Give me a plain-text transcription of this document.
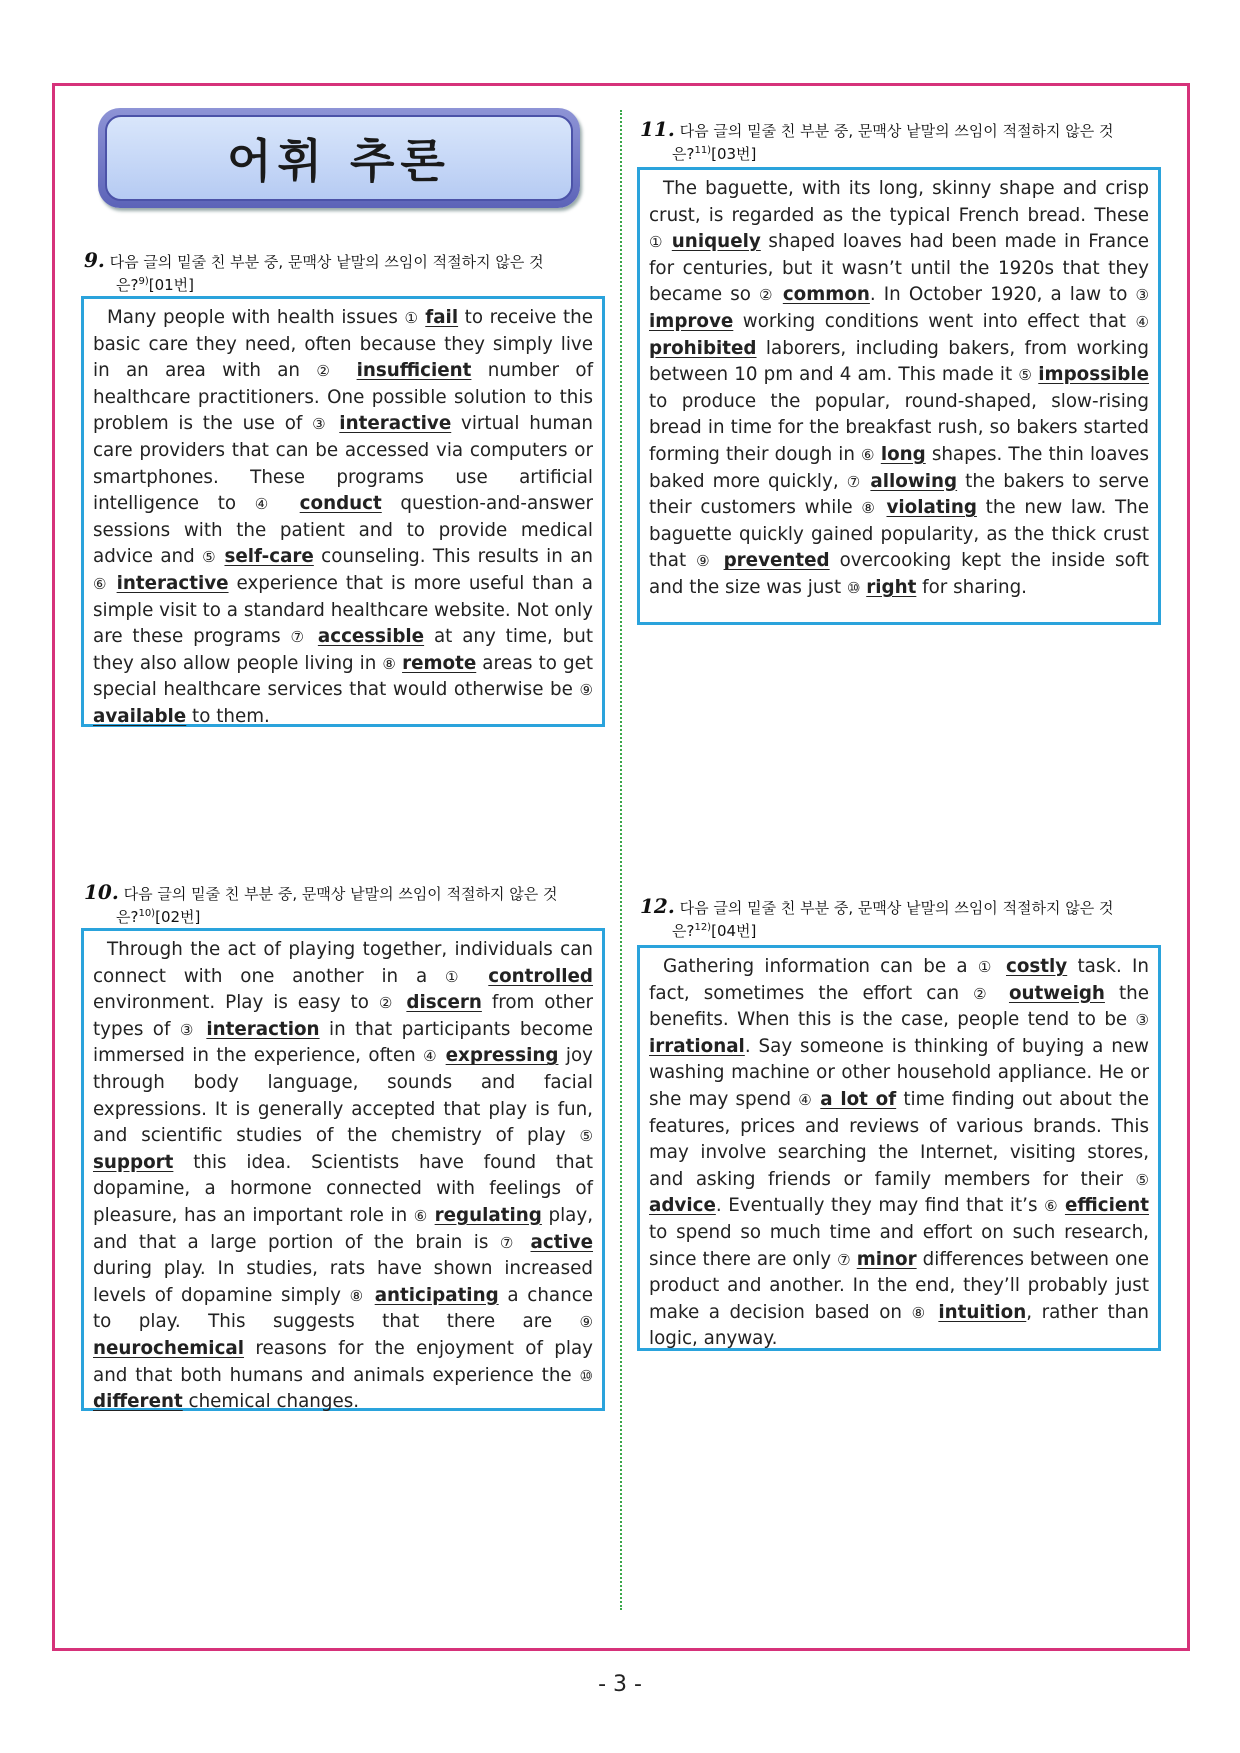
어휘 추론
9. 다음 글의 밑줄 친 부분 중, 문맥상 낱말의 쓰임이 적절하지 않은 것
은?$^{9)}$[01번]

Many people with health issues ① fail to receive the basic care they need, often because they simply live in an area with an ② insufficient number of healthcare practitioners. One possible solution to this problem is the use of ③ interactive virtual human care providers that can be accessed via computers or smartphones. These programs use artificial intelligence to ④ conduct question-and-answer sessions with the patient and to provide medical advice and ⑤ self-care counseling. This results in an ⑥ interactive experience that is more useful than a simple visit to a standard healthcare website. Not only are these programs ⑦ accessible at any time, but they also allow people living in ⑧ remote areas to get special healthcare services that would otherwise be ⑨ available to them.

10. 다음 글의 밑줄 친 부분 중, 문맥상 낱말의 쓰임이 적절하지 않은 것
은?$^{10)}$[02번]

Through the act of playing together, individuals can connect with one another in a ① controlled environment. Play is easy to ② discern from other types of ③ interaction in that participants become immersed in the experience, often ④ expressing joy through body language, sounds and facial expressions. It is generally accepted that play is fun, and scientific studies of the chemistry of play ⑤ support this idea. Scientists have found that dopamine, a hormone connected with feelings of pleasure, has an important role in ⑥ regulating play, and that a large portion of the brain is ⑦ active during play. In studies, rats have shown increased levels of dopamine simply ⑧ anticipating a chance to play. This suggests that there are ⑨ neurochemical reasons for the enjoyment of play and that both humans and animals experience the ⑩ different chemical changes.

11. 다음 글의 밑줄 친 부분 중, 문맥상 낱말의 쓰임이 적절하지 않은 것
은?$^{11)}$[03번]

The baguette, with its long, skinny shape and crisp crust, is regarded as the typical French bread. These ① uniquely shaped loaves had been made in France for centuries, but it wasn’t until the 1920s that they became so ② common. In October 1920, a law to ③ improve working conditions went into effect that ④ prohibited laborers, including bakers, from working between 10 pm and 4 am. This made it ⑤ impossible to produce the popular, round-shaped, slow-rising bread in time for the breakfast rush, so bakers started forming their dough in ⑥ long shapes. The thin loaves baked more quickly, ⑦ allowing the bakers to serve their customers while ⑧ violating the new law. The baguette quickly gained popularity, as the thick crust that ⑨ prevented overcooking kept the inside soft and the size was just ⑩ right for sharing.

12. 다음 글의 밑줄 친 부분 중, 문맥상 낱말의 쓰임이 적절하지 않은 것
은?$^{12)}$[04번]

Gathering information can be a ① costly task. In fact, sometimes the effort can ② outweigh the benefits. When this is the case, people tend to be ③ irrational. Say someone is thinking of buying a new washing machine or other household appliance. He or she may spend ④ a lot of time finding out about the features, prices and reviews of various brands. This may involve searching the Internet, visiting stores, and asking friends or family members for their ⑤ advice. Eventually they may find that it’s ⑥ efficient to spend so much time and effort on such research, since there are only ⑦ minor differences between one product and another. In the end, they’ll probably just make a decision based on ⑧ intuition, rather than logic, anyway.

- 3 -
